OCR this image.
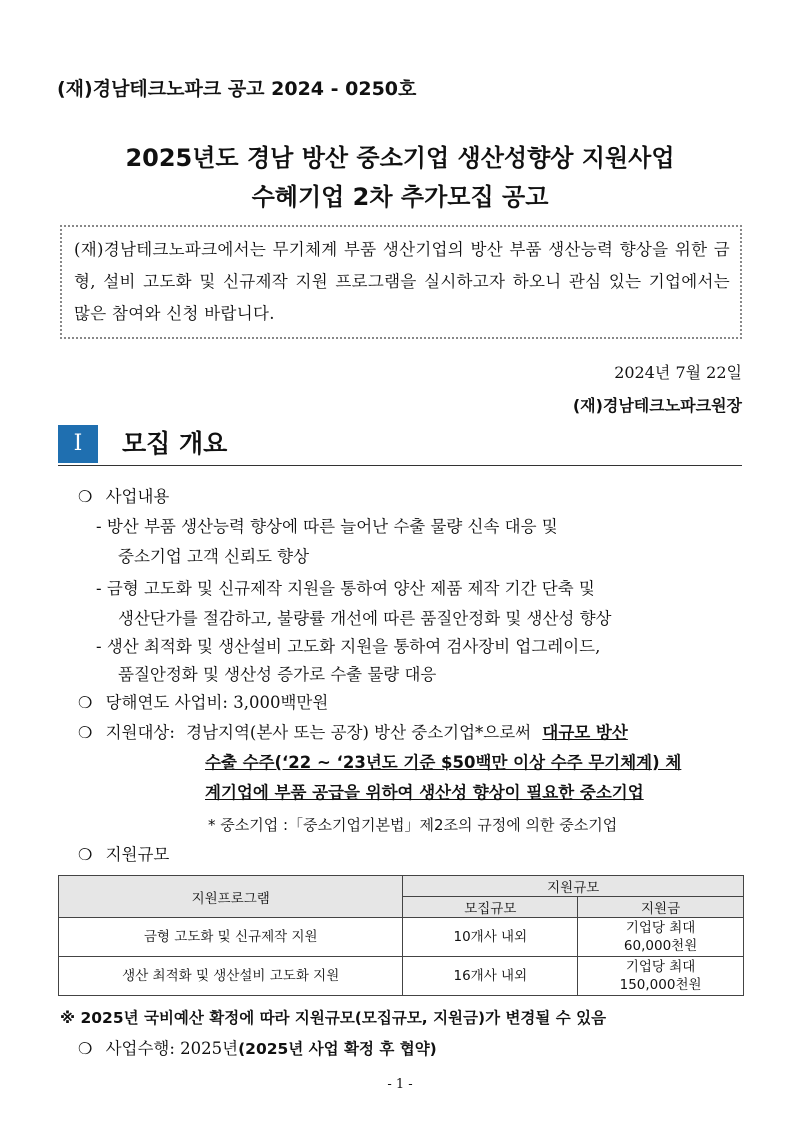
(재)경남테크노파크 공고 2024 - 0250호
2025년도 경남 방산 중소기업 생산성향상 지원사업
수혜기업 2차 추가모집 공고

(재)경남테크노파크에서는 무기체계 부품 생산기업의 방산 부품 생산능력 향상을 위한 금형, 설비 고도화 및 신규제작 지원 프로그램을 실시하고자 하오니 관심 있는 기업에서는 많은 참여와 신청 바랍니다.

2024년 7월 22일
(재)경남테크노파크원장
I	모집 개요
❍ 사업내용
- 방산 부품 생산능력 향상에 따른 늘어난 수출 물량 신속 대응 및
중소기업 고객 신뢰도 향상
- 금형 고도화 및 신규제작 지원을 통하여 양산 제품 제작 기간 단축 및
생산단가를 절감하고, 불량률 개선에 따른 품질안정화 및 생산성 향상
- 생산 최적화 및 생산설비 고도화 지원을 통하여 검사장비 업그레이드,
품질안정화 및 생산성 증가로 수출 물량 대응
❍ 당해연도 사업비: 3,000백만원
❍ 지원대상: 경남지역(본사 또는 공장) 방산 중소기업*으로써 대규모 방산
수출 수주(‘22 ~ ‘23년도 기준 $50백만 이상 수주 무기체계) 체
계기업에 부품 공급을 위하여 생산성 향상이 필요한 중소기업
* 중소기업 :「중소기업기본법」제2조의 규정에 의한 중소기업
❍ 지원규모
지원프로그램	지원규모	
	모집규모	지원금
금형 고도화 및 신규제작 지원	10개사 내외	기업당 최대
60,000천원

생산 최적화 및 생산설비 고도화 지원	16개사 내외	기업당 최대
150,000천원
※ 2025년 국비예산 확정에 따라 지원규모(모집규모, 지원금)가 변경될 수 있음
❍ 사업수행: 2025년(2025년 사업 확정 후 협약)
- 1 -
